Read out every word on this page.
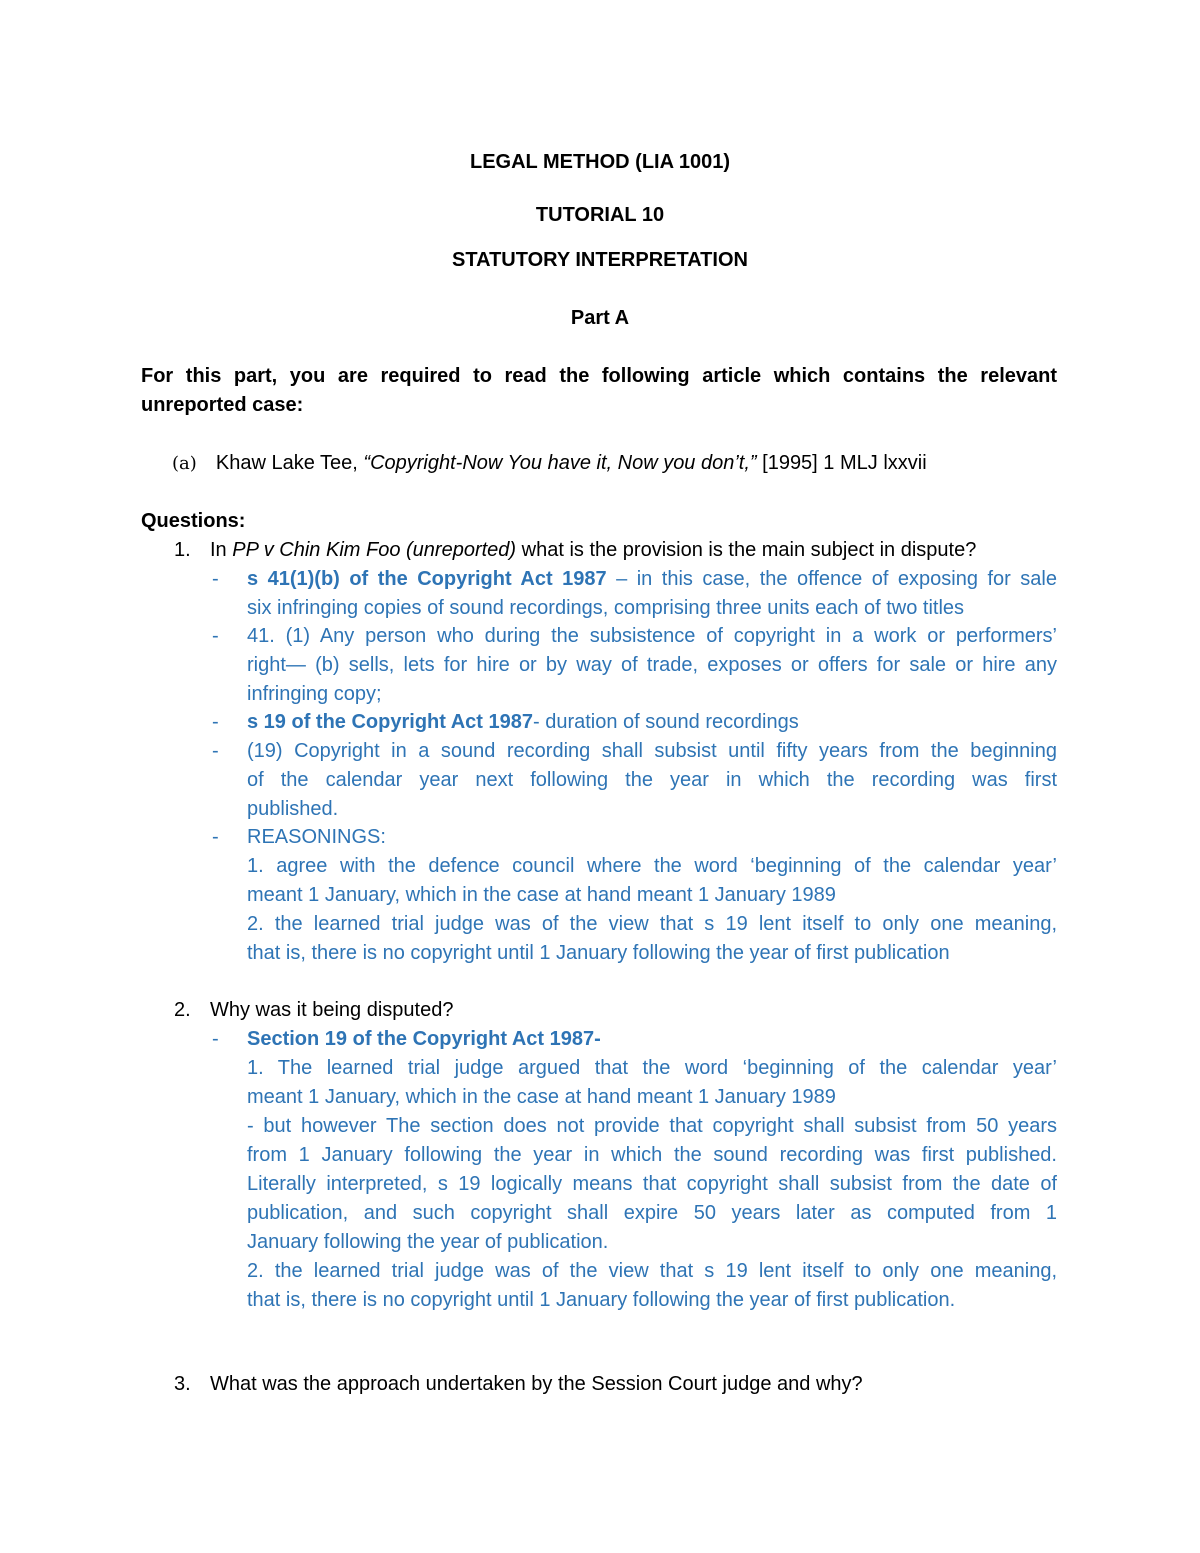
LEGAL METHOD (LIA 1001)
TUTORIAL 10
STATUTORY INTERPRETATION
Part A
For this part, you are required to read the following article which contains the relevant
unreported case:
(a) Khaw Lake Tee, “Copyright-Now You have it, Now you don’t,” [1995] 1 MLJ lxxvii
Questions:
1. In PP v Chin Kim Foo (unreported) what is the provision is the main subject in dispute?
- s 41(1)(b) of the Copyright Act 1987 – in this case, the offence of exposing for sale
six infringing copies of sound recordings, comprising three units each of two titles
- 41. (1) Any person who during the subsistence of copyright in a work or performers’
right— (b) sells, lets for hire or by way of trade, exposes or offers for sale or hire any
infringing copy;
- s 19 of the Copyright Act 1987- duration of sound recordings
- (19) Copyright in a sound recording shall subsist until fifty years from the beginning
of the calendar year next following the year in which the recording was first
published.
- REASONINGS:
1. agree with the defence council where the word ‘beginning of the calendar year’
meant 1 January, which in the case at hand meant 1 January 1989
2. the learned trial judge was of the view that s 19 lent itself to only one meaning,
that is, there is no copyright until 1 January following the year of first publication
2. Why was it being disputed?
- Section 19 of the Copyright Act 1987-
1. The learned trial judge argued that the word ‘beginning of the calendar year’
meant 1 January, which in the case at hand meant 1 January 1989
- but however The section does not provide that copyright shall subsist from 50 years
from 1 January following the year in which the sound recording was first published.
Literally interpreted, s 19 logically means that copyright shall subsist from the date of
publication, and such copyright shall expire 50 years later as computed from 1
January following the year of publication.
2. the learned trial judge was of the view that s 19 lent itself to only one meaning,
that is, there is no copyright until 1 January following the year of first publication.
3. What was the approach undertaken by the Session Court judge and why?
